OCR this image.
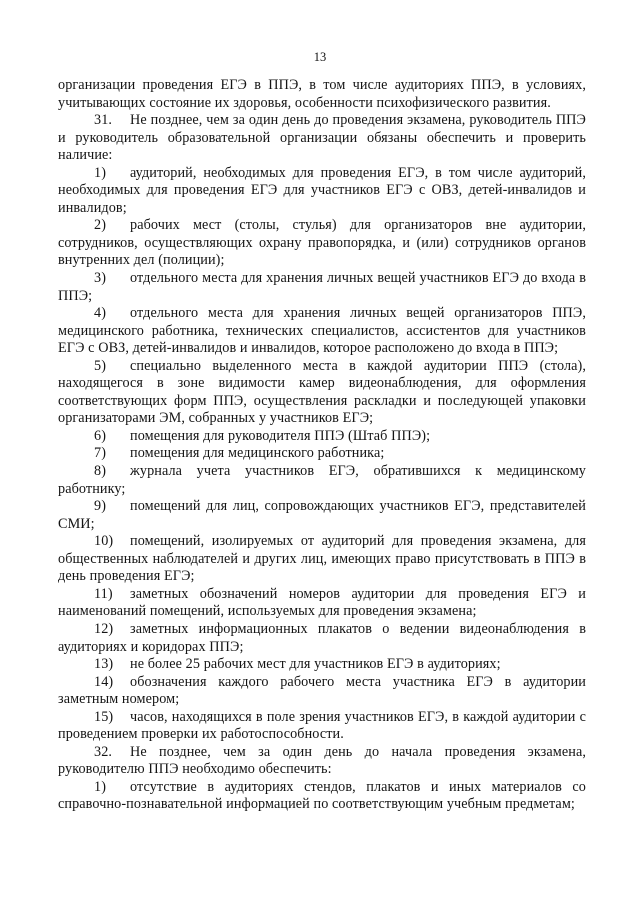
13

организации проведения ЕГЭ в ППЭ, в том числе аудиториях ППЭ, в условиях, учитывающих состояние их здоровья, особенности психофизического развития.

31. Не позднее, чем за один день до проведения экзамена, руководитель ППЭ и руководитель образовательной организации обязаны обеспечить и проверить наличие:

1) аудиторий, необходимых для проведения ЕГЭ, в том числе аудиторий, необходимых для проведения ЕГЭ для участников ЕГЭ с ОВЗ, детей-инвалидов и инвалидов;

2) рабочих мест (столы, стулья) для организаторов вне аудитории, сотрудников, осуществляющих охрану правопорядка, и (или) сотрудников органов внутренних дел (полиции);

3) отдельного места для хранения личных вещей участников ЕГЭ до входа в ППЭ;

4) отдельного места для хранения личных вещей организаторов ППЭ, медицинского работника, технических специалистов, ассистентов для участников ЕГЭ с ОВЗ, детей-инвалидов и инвалидов, которое расположено до входа в ППЭ;

5) специально выделенного места в каждой аудитории ППЭ (стола), находящегося в зоне видимости камер видеонаблюдения, для оформления соответствующих форм ППЭ, осуществления раскладки и последующей упаковки организаторами ЭМ, собранных у участников ЕГЭ;

6) помещения для руководителя ППЭ (Штаб ППЭ);

7) помещения для медицинского работника;

8) журнала учета участников ЕГЭ, обратившихся к медицинскому работнику;

9) помещений для лиц, сопровождающих участников ЕГЭ, представителей СМИ;

10) помещений, изолируемых от аудиторий для проведения экзамена, для общественных наблюдателей и других лиц, имеющих право присутствовать в ППЭ в день проведения ЕГЭ;

11) заметных обозначений номеров аудитории для проведения ЕГЭ и наименований помещений, используемых для проведения экзамена;

12) заметных информационных плакатов о ведении видеонаблюдения в аудиториях и коридорах ППЭ;

13) не более 25 рабочих мест для участников ЕГЭ в аудиториях;

14) обозначения каждого рабочего места участника ЕГЭ в аудитории заметным номером;

15) часов, находящихся в поле зрения участников ЕГЭ, в каждой аудитории с проведением проверки их работоспособности.

32. Не позднее, чем за один день до начала проведения экзамена, руководителю ППЭ необходимо обеспечить:

1) отсутствие в аудиториях стендов, плакатов и иных материалов со справочно-познавательной информацией по соответствующим учебным предметам;
